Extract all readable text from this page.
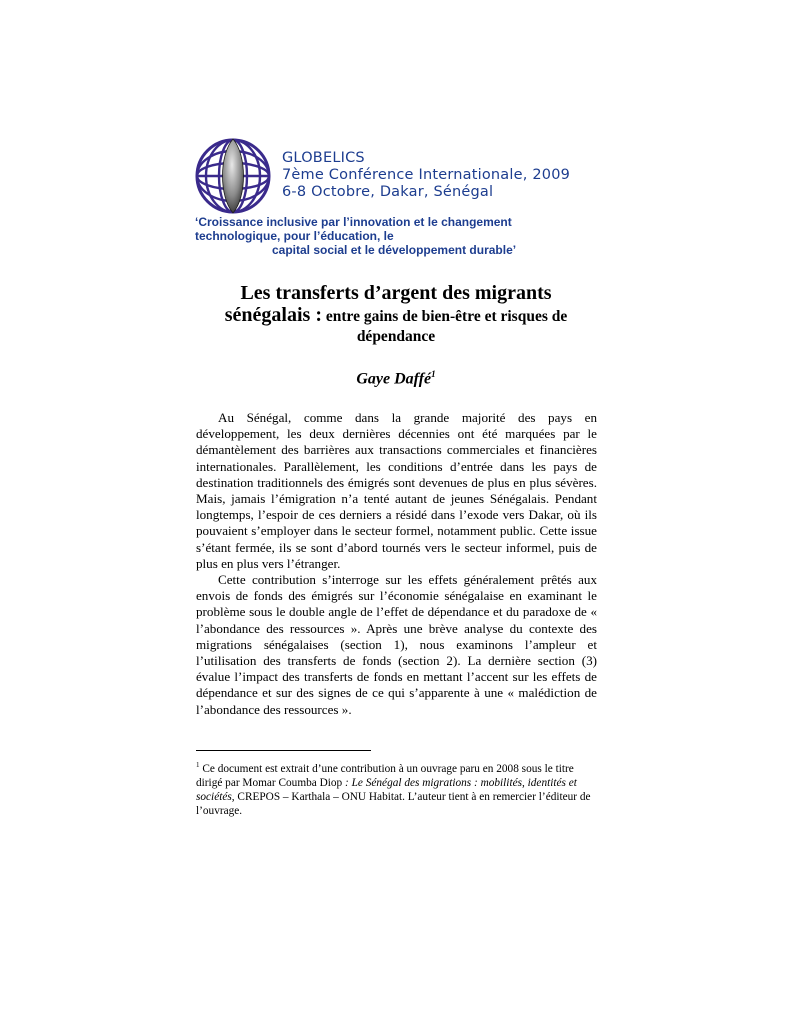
GLOBELICS
7ème Conférence Internationale, 2009
6-8 Octobre, Dakar, Sénégal
‘Croissance inclusive par l’innovation et le changement
technologique, pour l’éducation, le
capital social et le développement durable’
Les transferts d’argent des migrants
sénégalais : entre gains de bien-être et risques de
dépendance
Gaye Daffé$^1$

Au Sénégal, comme dans la grande majorité des pays en développement, les deux dernières décennies ont été marquées par le démantèlement des barrières aux transactions commerciales et financières internationales. Parallèlement, les conditions d’entrée dans les pays de destination traditionnels des émigrés sont devenues de plus en plus sévères. Mais, jamais l’émigration n’a tenté autant de jeunes Sénégalais. Pendant longtemps, l’espoir de ces derniers a résidé dans l’exode vers Dakar, où ils pouvaient s’employer dans le secteur formel, notamment public. Cette issue s’étant fermée, ils se sont d’abord tournés vers le secteur informel, puis de plus en plus vers l’étranger.

Cette contribution s’interroge sur les effets généralement prêtés aux envois de fonds des émigrés sur l’économie sénégalaise en examinant le problème sous le double angle de l’effet de dépendance et du paradoxe de « l’abondance des ressources ». Après une brève analyse du contexte des migrations sénégalaises (section 1), nous examinons l’ampleur et l’utilisation des transferts de fonds (section 2). La dernière section (3) évalue l’impact des transferts de fonds en mettant l’accent sur les effets de dépendance et sur des signes de ce qui s’apparente à une « malédiction de l’abondance des ressources ».

$^1$ Ce document est extrait d’une contribution à un ouvrage paru en 2008 sous le titre dirigé par Momar Coumba Diop : Le Sénégal des migrations : mobilités, identités et sociétés, CREPOS – Karthala – ONU Habitat. L’auteur tient à en remercier l’éditeur de l’ouvrage.
